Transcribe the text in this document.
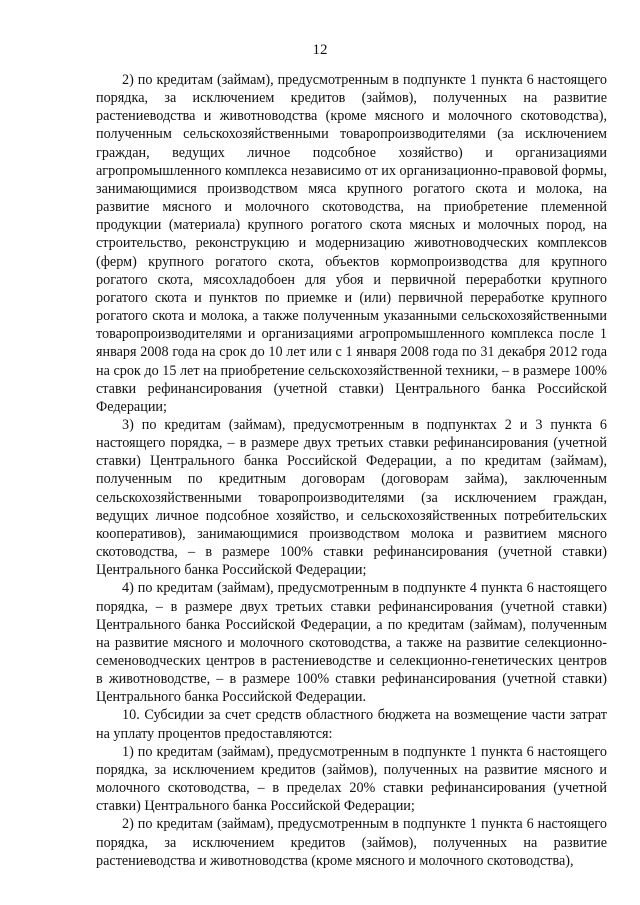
12

2) по кредитам (займам), предусмотренным в подпункте 1 пункта 6 настоящего порядка, за исключением кредитов (займов), полученных на развитие растениеводства и животноводства (кроме мясного и молочного скотоводства), полученным сельскохозяйственными товаропроизводителями (за исключением граждан, ведущих личное подсобное хозяйство) и организациями агропромышленного комплекса независимо от их организационно-правовой формы, занимающимися производством мяса крупного рогатого скота и молока, на развитие мясного и молочного скотоводства, на приобретение племенной продукции (материала) крупного рогатого скота мясных и молочных пород, на строительство, реконструкцию и модернизацию животноводческих комплексов (ферм) крупного рогатого скота, объектов кормопроизводства для крупного рогатого скота, мясохладобоен для убоя и первичной переработки крупного рогатого скота и пунктов по приемке и (или) первичной переработке крупного рогатого скота и молока, а также полученным указанными сельскохозяйственными товаропроизводителями и организациями агропромышленного комплекса после 1 января 2008 года на срок до 10 лет или с 1 января 2008 года по 31 декабря 2012 года на срок до 15 лет на приобретение сельскохозяйственной техники, – в размере 100% ставки рефинансирования (учетной ставки) Центрального банка Российской Федерации;

3) по кредитам (займам), предусмотренным в подпунктах 2 и 3 пункта 6 настоящего порядка, – в размере двух третьих ставки рефинансирования (учетной ставки) Центрального банка Российской Федерации, а по кредитам (займам), полученным по кредитным договорам (договорам займа), заключенным сельскохозяйственными товаропроизводителями (за исключением граждан, ведущих личное подсобное хозяйство, и сельскохозяйственных потребительских кооперативов), занимающимися производством молока и развитием мясного скотоводства, – в размере 100% ставки рефинансирования (учетной ставки) Центрального банка Российской Федерации;

4) по кредитам (займам), предусмотренным в подпункте 4 пункта 6 настоящего порядка, – в размере двух третьих ставки рефинансирования (учетной ставки) Центрального банка Российской Федерации, а по кредитам (займам), полученным на развитие мясного и молочного скотоводства, а также на развитие селекционно-семеноводческих центров в растениеводстве и селекционно-генетических центров в животноводстве, – в размере 100% ставки рефинансирования (учетной ставки) Центрального банка Российской Федерации.

10. Субсидии за счет средств областного бюджета на возмещение части затрат на уплату процентов предоставляются:

1) по кредитам (займам), предусмотренным в подпункте 1 пункта 6 настоящего порядка, за исключением кредитов (займов), полученных на развитие мясного и молочного скотоводства, – в пределах 20% ставки рефинансирования (учетной ставки) Центрального банка Российской Федерации;

2) по кредитам (займам), предусмотренным в подпункте 1 пункта 6 настоящего порядка, за исключением кредитов (займов), полученных на развитие растениеводства и животноводства (кроме мясного и молочного скотоводства),
